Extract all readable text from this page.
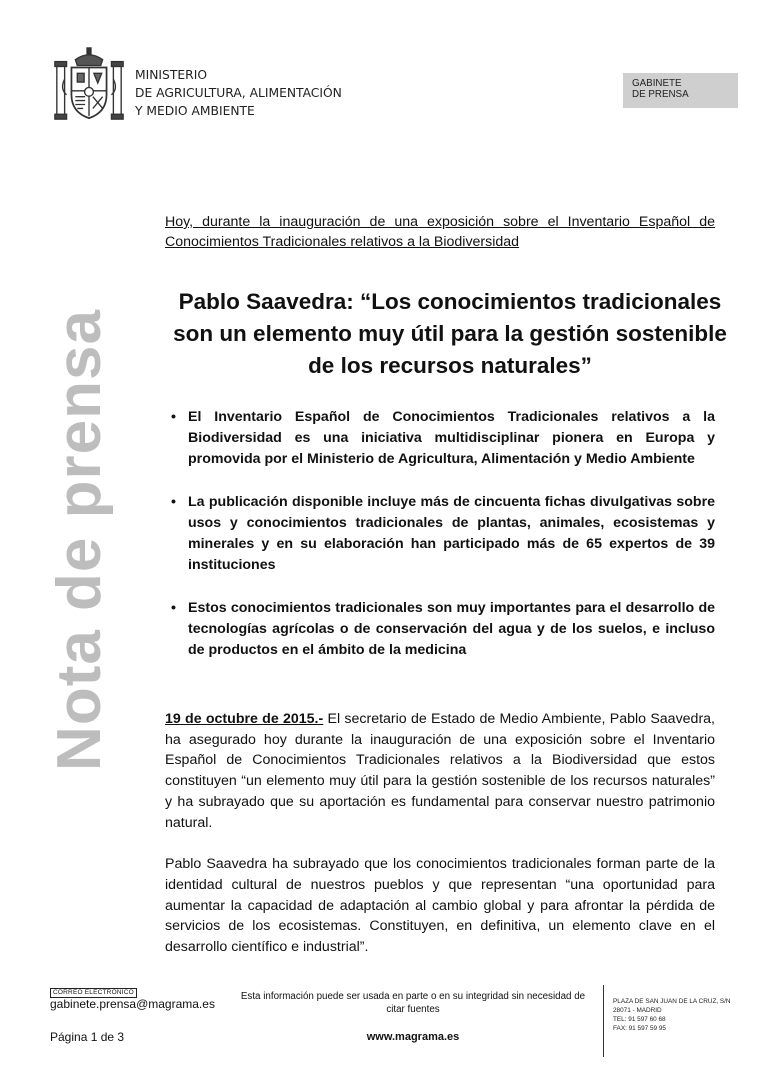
MINISTERIO
DE AGRICULTURA, ALIMENTACIÓN
Y MEDIO AMBIENTE
GABINETE
DE PRENSA
Nota de prensa
Hoy, durante la inauguración de una exposición sobre el Inventario Español de Conocimientos Tradicionales relativos a la Biodiversidad
Pablo Saavedra: “Los conocimientos tradicionales son un elemento muy útil para la gestión sostenible de los recursos naturales”
• El Inventario Español de Conocimientos Tradicionales relativos a la Biodiversidad es una iniciativa multidisciplinar pionera en Europa y promovida por el Ministerio de Agricultura, Alimentación y Medio Ambiente
• La publicación disponible incluye más de cincuenta fichas divulgativas sobre usos y conocimientos tradicionales de plantas, animales, ecosistemas y minerales y en su elaboración han participado más de 65 expertos de 39 instituciones
• Estos conocimientos tradicionales son muy importantes para el desarrollo de tecnologías agrícolas o de conservación del agua y de los suelos, e incluso de productos en el ámbito de la medicina

19 de octubre de 2015.- El secretario de Estado de Medio Ambiente, Pablo Saavedra, ha asegurado hoy durante la inauguración de una exposición sobre el Inventario Español de Conocimientos Tradicionales relativos a la Biodiversidad que estos constituyen “un elemento muy útil para la gestión sostenible de los recursos naturales” y ha subrayado que su aportación es fundamental para conservar nuestro patrimonio natural.

Pablo Saavedra ha subrayado que los conocimientos tradicionales forman parte de la identidad cultural de nuestros pueblos y que representan “una oportunidad para aumentar la capacidad de adaptación al cambio global y para afrontar la pérdida de servicios de los ecosistemas. Constituyen, en definitiva, un elemento clave en el desarrollo científico e industrial”.

CORREO ELECTRÓNICO
gabinete.prensa@magrama.es
Esta información puede ser usada en parte o en su integridad sin necesidad de citar fuentes
www.magrama.es
Página 1 de 3
PLAZA DE SAN JUAN DE LA CRUZ, S/N
28071 - MADRID
TEL: 91 597 60 68
FAX: 91 597 59 95
